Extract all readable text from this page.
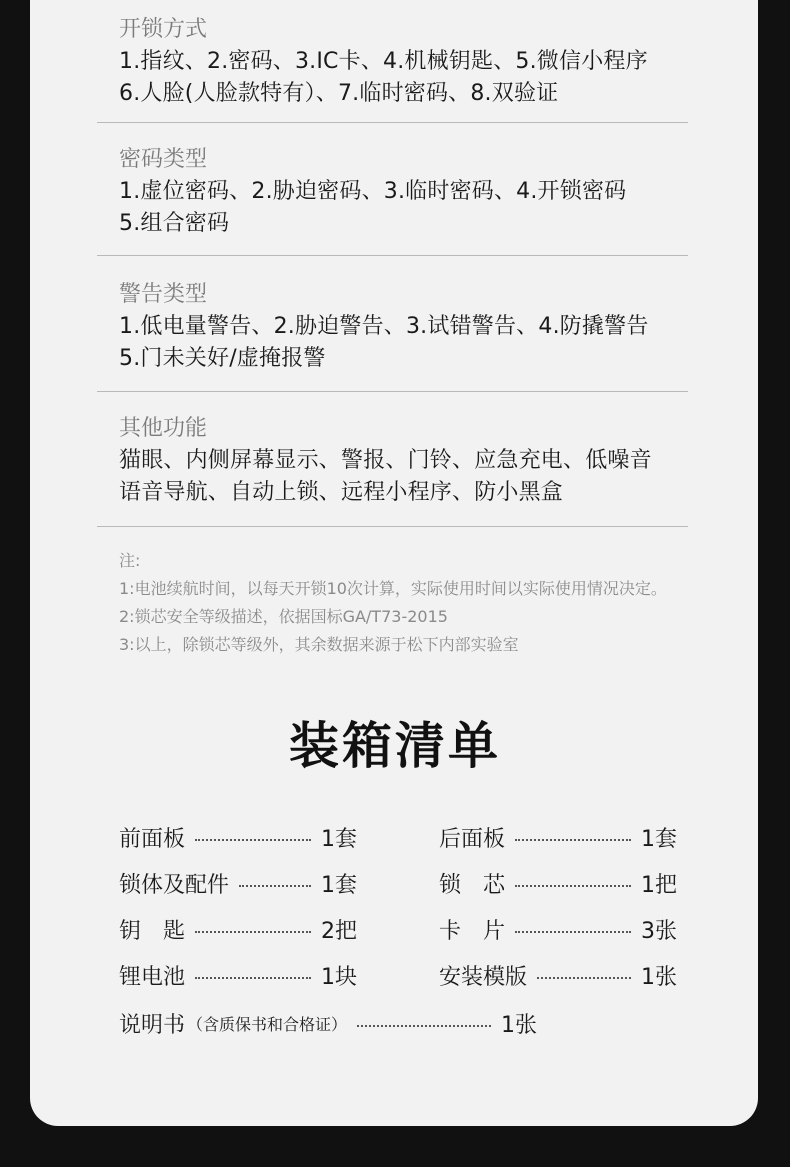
开锁方式
1.指纹、2.密码、3.IC卡、4.机械钥匙、5.微信小程序
6.人脸(人脸款特有）、7.临时密码、8.双验证
密码类型
1.虚位密码、2.胁迫密码、3.临时密码、4.开锁密码
5.组合密码
警告类型
1.低电量警告、2.胁迫警告、3.试错警告、4.防撬警告
5.门未关好/虚掩报警
其他功能
猫眼、内侧屏幕显示、警报、门铃、应急充电、低噪音
语音导航、自动上锁、远程小程序、防小黑盒
注:
1:电池续航时间，以每天开锁10次计算，实际使用时间以实际使用情况决定。
2:锁芯安全等级描述，依据国标GA/T73-2015
3:以上，除锁芯等级外，其余数据来源于松下内部实验室
装箱清单
前面板	1套	后面板	1套
锁体及配件	1套	锁　芯	1把
钥　匙	2把	卡　片	3张
锂电池	1块	安装模版	1张
说明书 （含质保书和合格证）	1张
